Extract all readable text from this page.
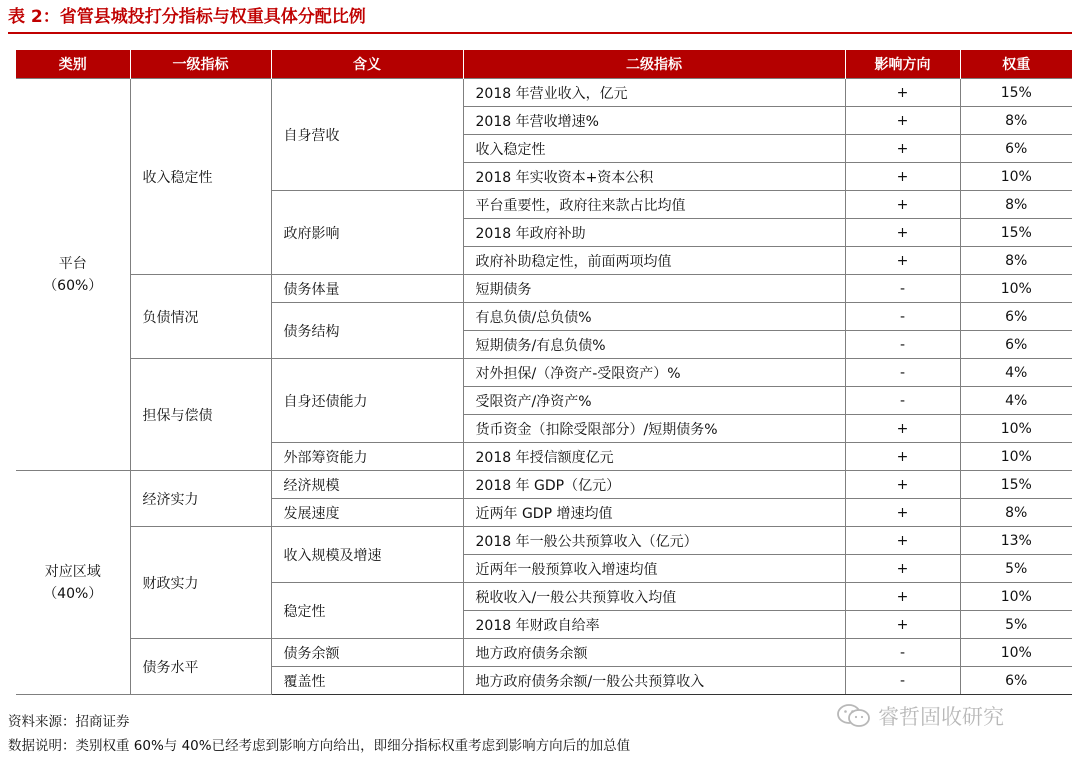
表 2：省管县城投打分指标与权重具体分配比例
类别	一级指标	含义	二级指标	影响方向	权重
平台
（60%）	收入稳定性	自身营收	2018 年营业收入，亿元	+	15%
			2018 年营收增速%	+	8%
			收入稳定性	+	6%
			2018 年实收资本+资本公积	+	10%
		政府影响	平台重要性，政府往来款占比均值	+	8%
			2018 年政府补助	+	15%
			政府补助稳定性，前面两项均值	+	8%
	负债情况	债务体量	短期债务	-	10%
		债务结构	有息负债/总负债%	-	6%
			短期债务/有息负债%	-	6%
	担保与偿债	自身还债能力	对外担保/（净资产-受限资产）%	-	4%
			受限资产/净资产%	-	4%
			货币资金（扣除受限部分）/短期债务%	+	10%
		外部筹资能力	2018 年授信额度亿元	+	10%
对应区域
（40%）	经济实力	经济规模	2018 年 GDP（亿元）	+	15%
		发展速度	近两年 GDP 增速均值	+	8%
	财政实力	收入规模及增速	2018 年一般公共预算收入（亿元）	+	13%
			近两年一般预算收入增速均值	+	5%
		稳定性	税收收入/一般公共预算收入均值	+	10%
			2018 年财政自给率	+	5%
	债务水平	债务余额	地方政府债务余额	-	10%
		覆盖性	地方政府债务余额/一般公共预算收入	-	6%
资料来源：招商证券
数据说明：类别权重 60%与 40%已经考虑到影响方向给出，即细分指标权重考虑到影响方向后的加总值
睿哲固收研究
